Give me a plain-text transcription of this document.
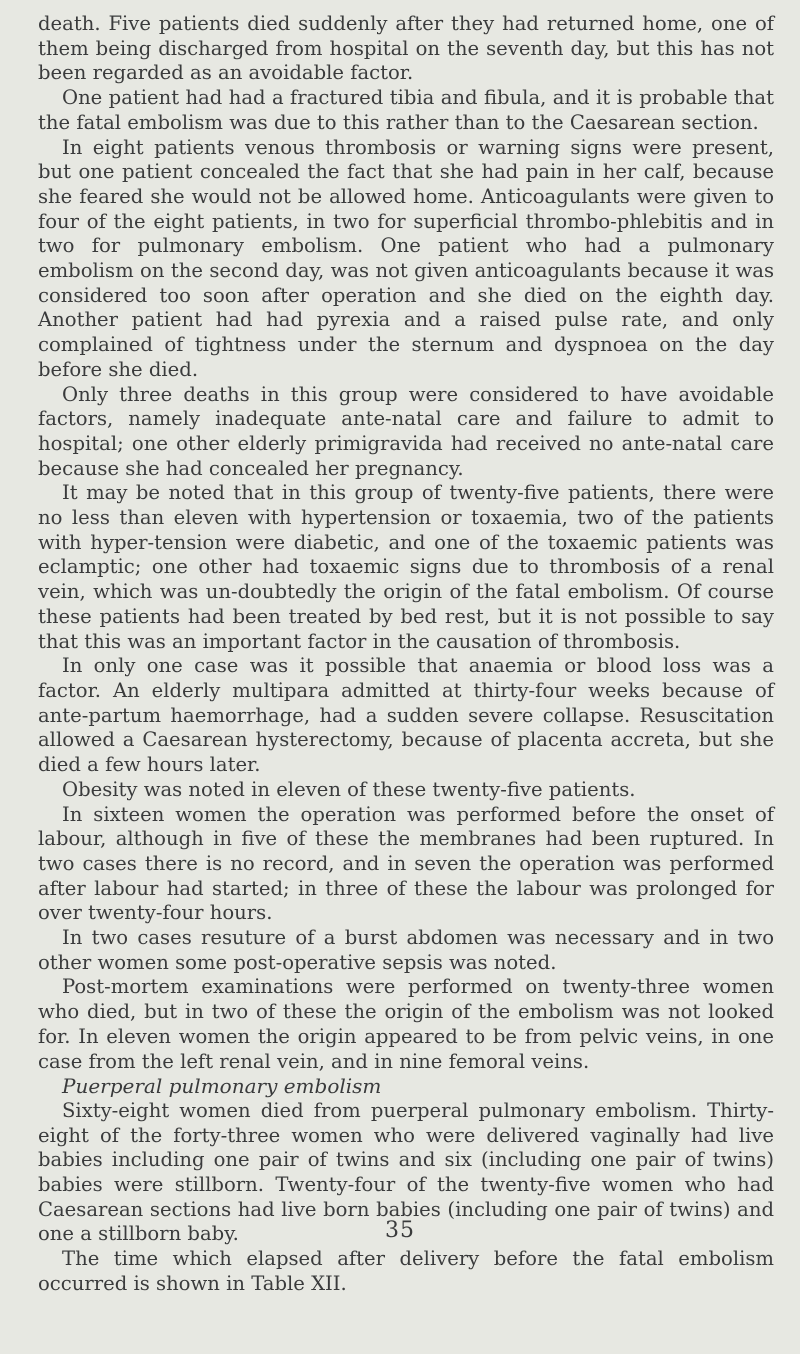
death. Five patients died suddenly after they had returned home, one of them being discharged from hospital on the seventh day, but this has not been regarded as an avoidable factor.

One patient had had a fractured tibia and fibula, and it is probable that the fatal embolism was due to this rather than to the Caesarean section.

In eight patients venous thrombosis or warning signs were present, but one patient concealed the fact that she had pain in her calf, because she feared she would not be allowed home. Anticoagulants were given to four of the eight patients, in two for superficial thrombo-phlebitis and in two for pulmonary embolism. One patient who had a pulmonary embolism on the second day, was not given anticoagulants because it was considered too soon after operation and she died on the eighth day. Another patient had had pyrexia and a raised pulse rate, and only complained of tightness under the sternum and dyspnoea on the day before she died.

Only three deaths in this group were considered to have avoidable factors, namely inadequate ante-natal care and failure to admit to hospital; one other elderly primigravida had received no ante-natal care because she had concealed her pregnancy.

It may be noted that in this group of twenty-five patients, there were no less than eleven with hypertension or toxaemia, two of the patients with hyper-tension were diabetic, and one of the toxaemic patients was eclamptic; one other had toxaemic signs due to thrombosis of a renal vein, which was un-doubtedly the origin of the fatal embolism. Of course these patients had been treated by bed rest, but it is not possible to say that this was an important factor in the causation of thrombosis.

In only one case was it possible that anaemia or blood loss was a factor. An elderly multipara admitted at thirty-four weeks because of ante-partum haemorrhage, had a sudden severe collapse. Resuscitation allowed a Caesarean hysterectomy, because of placenta accreta, but she died a few hours later.

Obesity was noted in eleven of these twenty-five patients.

In sixteen women the operation was performed before the onset of labour, although in five of these the membranes had been ruptured. In two cases there is no record, and in seven the operation was performed after labour had started; in three of these the labour was prolonged for over twenty-four hours.

In two cases resuture of a burst abdomen was necessary and in two other women some post-operative sepsis was noted.

Post-mortem examinations were performed on twenty-three women who died, but in two of these the origin of the embolism was not looked for. In eleven women the origin appeared to be from pelvic veins, in one case from the left renal vein, and in nine femoral veins.

Puerperal pulmonary embolism

Sixty-eight women died from puerperal pulmonary embolism. Thirty-eight of the forty-three women who were delivered vaginally had live babies including one pair of twins and six (including one pair of twins) babies were stillborn. Twenty-four of the twenty-five women who had Caesarean sections had live born babies (including one pair of twins) and one a stillborn baby.

The time which elapsed after delivery before the fatal embolism occurred is shown in Table XII.

35
